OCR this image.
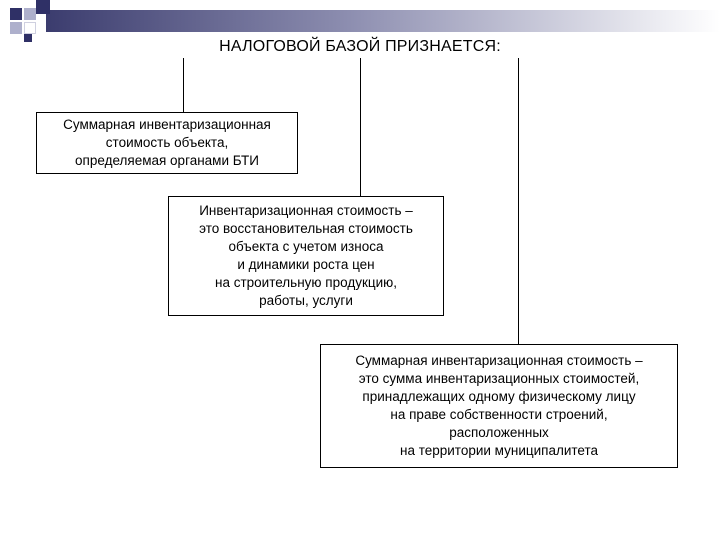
НАЛОГОВОЙ БАЗОЙ ПРИЗНАЕТСЯ:
Суммарная инвентаризационная
стоимость объекта,
определяемая органами БТИ
Инвентаризационная стоимость –
это восстановительная стоимость
объекта с учетом износа
и динамики роста цен
на строительную продукцию,
работы, услуги
Суммарная инвентаризационная стоимость –
это сумма инвентаризационных стоимостей,
принадлежащих одному физическому лицу
на праве собственности строений,
расположенных
на территории муниципалитета
